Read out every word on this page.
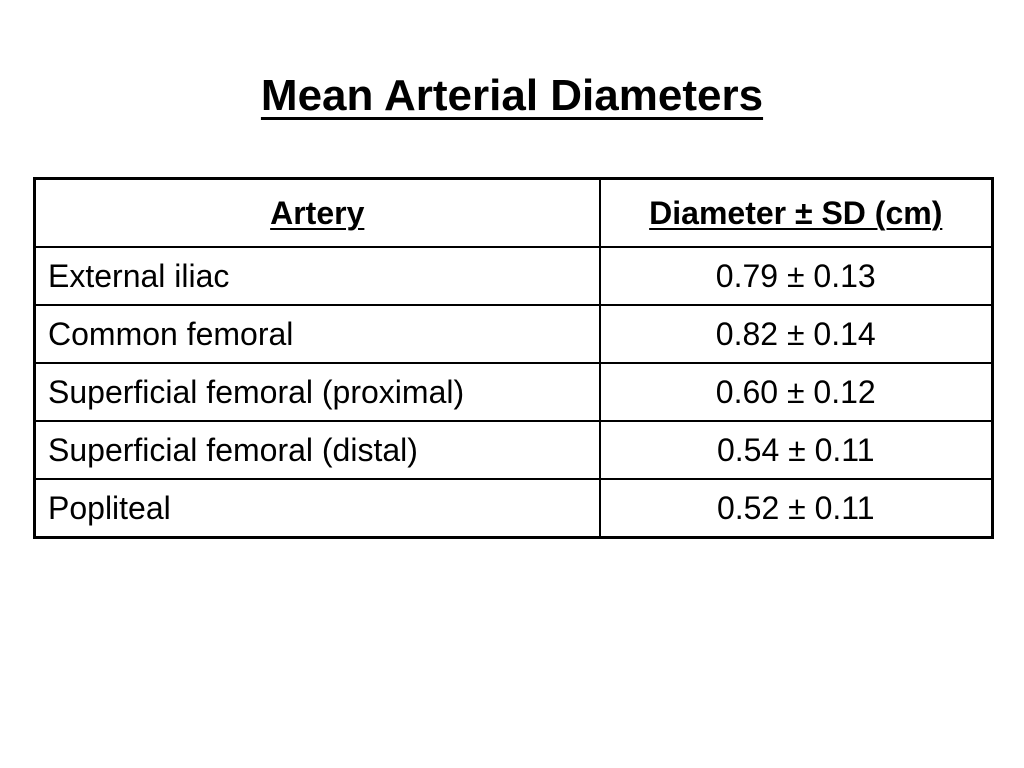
Mean Arterial Diameters
Artery	Diameter ± SD (cm)
External iliac	0.79 ± 0.13
Common femoral	0.82 ± 0.14
Superficial femoral (proximal)	0.60 ± 0.12
Superficial femoral (distal)	0.54 ± 0.11
Popliteal	0.52 ± 0.11
